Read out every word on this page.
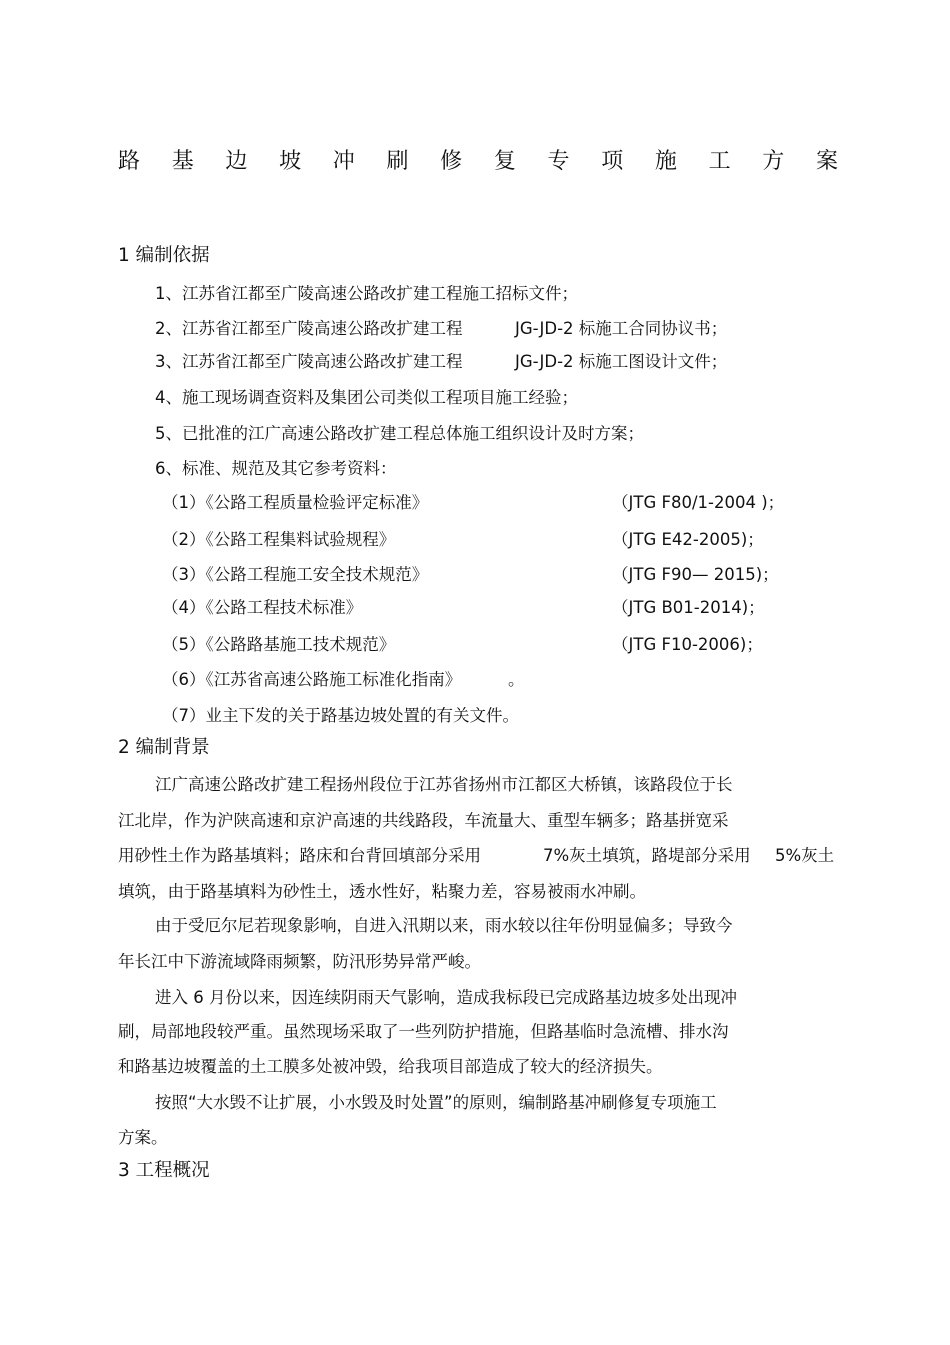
路 基 边 坡 冲 刷 修 复 专 项 施 工 方 案
1 编制依据
1、江苏省江都至广陵高速公路改扩建工程施工招标文件；
2、江苏省江都至广陵高速公路改扩建工程	JG-JD-2 标施工合同协议书；
3、江苏省江都至广陵高速公路改扩建工程	JG-JD-2 标施工图设计文件；
4、施工现场调查资料及集团公司类似工程项目施工经验；
5、已批准的江广高速公路改扩建工程总体施工组织设计及时方案；
6、标准、规范及其它参考资料：
（1）《公路工程质量检验评定标准》	（JTG F80/1-2004 )；
（2）《公路工程集料试验规程》	（JTG E42-2005)；
（3）《公路工程施工安全技术规范》	（JTG F90— 2015)；
（4）《公路工程技术标准》	（JTG B01-2014)；
（5）《公路路基施工技术规范》	（JTG F10-2006)；
（6）《江苏省高速公路施工标准化指南》	。
（7）业主下发的关于路基边坡处置的有关文件。
2 编制背景
江广高速公路改扩建工程扬州段位于江苏省扬州市江都区大桥镇，该路段位于长
江北岸，作为沪陕高速和京沪高速的共线路段，车流量大、重型车辆多；路基拼宽采
用砂性土作为路基填料；路床和台背回填部分采用	7%灰土填筑，路堤部分采用 5%灰土
填筑，由于路基填料为砂性土，透水性好，粘聚力差，容易被雨水冲刷。
由于受厄尔尼若现象影响，自进入汛期以来，雨水较以往年份明显偏多；导致今
年长江中下游流域降雨频繁，防汛形势异常严峻。
进入 6 月份以来，因连续阴雨天气影响，造成我标段已完成路基边坡多处出现冲
刷，局部地段较严重。虽然现场采取了一些列防护措施，但路基临时急流槽、排水沟
和路基边坡覆盖的土工膜多处被冲毁，给我项目部造成了较大的经济损失。
按照“大水毁不让扩展，小水毁及时处置”的原则，编制路基冲刷修复专项施工
方案。
3 工程概况
